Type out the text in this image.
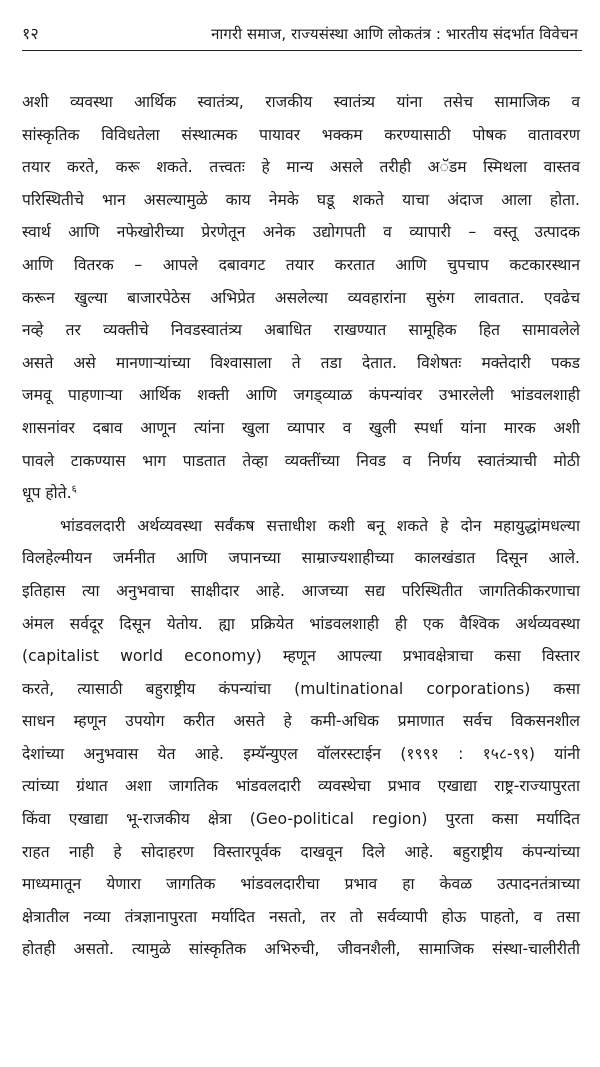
१२	नागरी समाज, राज्यसंस्था आणि लोकतंत्र : भारतीय संदर्भात विवेचन
अशी व्यवस्था आर्थिक स्वातंत्र्य, राजकीय स्वातंत्र्य यांना तसेच सामाजिक व
सांस्कृतिक विविधतेला संस्थात्मक पायावर भक्कम करण्यासाठी पोषक वातावरण
तयार करते, करू शकते. तत्त्वतः हे मान्य असले तरीही अॅडम स्मिथला वास्तव
परिस्थितीचे भान असल्यामुळे काय नेमके घडू शकते याचा अंदाज आला होता.
स्वार्थ आणि नफेखोरीच्या प्रेरणेतून अनेक उद्योगपती व व्यापारी – वस्तू उत्पादक
आणि वितरक – आपले दबावगट तयार करतात आणि चुपचाप कटकारस्थान
करून खुल्या बाजारपेठेस अभिप्रेत असलेल्या व्यवहारांना सुरुंग लावतात. एवढेच
नव्हे तर व्यक्तीचे निवडस्वातंत्र्य अबाधित राखण्यात सामूहिक हित सामावलेले
असते असे मानणाऱ्यांच्या विश्वासाला ते तडा देतात. विशेषतः मक्तेदारी पकड
जमवू पाहणाऱ्या आर्थिक शक्ती आणि जगड्व्याळ कंपन्यांवर उभारलेली भांडवलशाही
शासनांवर दबाव आणून त्यांना खुला व्यापार व खुली स्पर्धा यांना मारक अशी
पावले टाकण्यास भाग पाडतात तेव्हा व्यक्तींच्या निवड व निर्णय स्वातंत्र्याची मोठी
धूप होते.$^६$
भांडवलदारी अर्थव्यवस्था सर्वंकष सत्ताधीश कशी बनू शकते हे दोन महायुद्धांमधल्या
विलहेल्मीयन जर्मनीत आणि जपानच्या साम्राज्यशाहीच्या कालखंडात दिसून आले.
इतिहास त्या अनुभवाचा साक्षीदार आहे. आजच्या सद्य परिस्थितीत जागतिकीकरणाचा
अंमल सर्वदूर दिसून येतोय. ह्या प्रक्रियेत भांडवलशाही ही एक वैश्विक अर्थव्यवस्था
(capitalist world economy) म्हणून आपल्या प्रभावक्षेत्राचा कसा विस्तार
करते, त्यासाठी बहुराष्ट्रीय कंपन्यांचा (multinational corporations) कसा
साधन म्हणून उपयोग करीत असते हे कमी-अधिक प्रमाणात सर्वच विकसनशील
देशांच्या अनुभवास येत आहे. इम्यॅन्युएल वॉलरस्टाईन (१९९१ : १५८-९९) यांनी
त्यांच्या ग्रंथात अशा जागतिक भांडवलदारी व्यवस्थेचा प्रभाव एखाद्या राष्ट्र-राज्यापुरता
किंवा एखाद्या भू-राजकीय क्षेत्रा (Geo-political region) पुरता कसा मर्यादित
राहत नाही हे सोदाहरण विस्तारपूर्वक दाखवून दिले आहे. बहुराष्ट्रीय कंपन्यांच्या
माध्यमातून येणारा जागतिक भांडवलदारीचा प्रभाव हा केवळ उत्पादनतंत्राच्या
क्षेत्रातील नव्या तंत्रज्ञानापुरता मर्यादित नसतो, तर तो सर्वव्यापी होऊ पाहतो, व तसा
होतही असतो. त्यामुळे सांस्कृतिक अभिरुची, जीवनशैली, सामाजिक संस्था-चालीरीती
